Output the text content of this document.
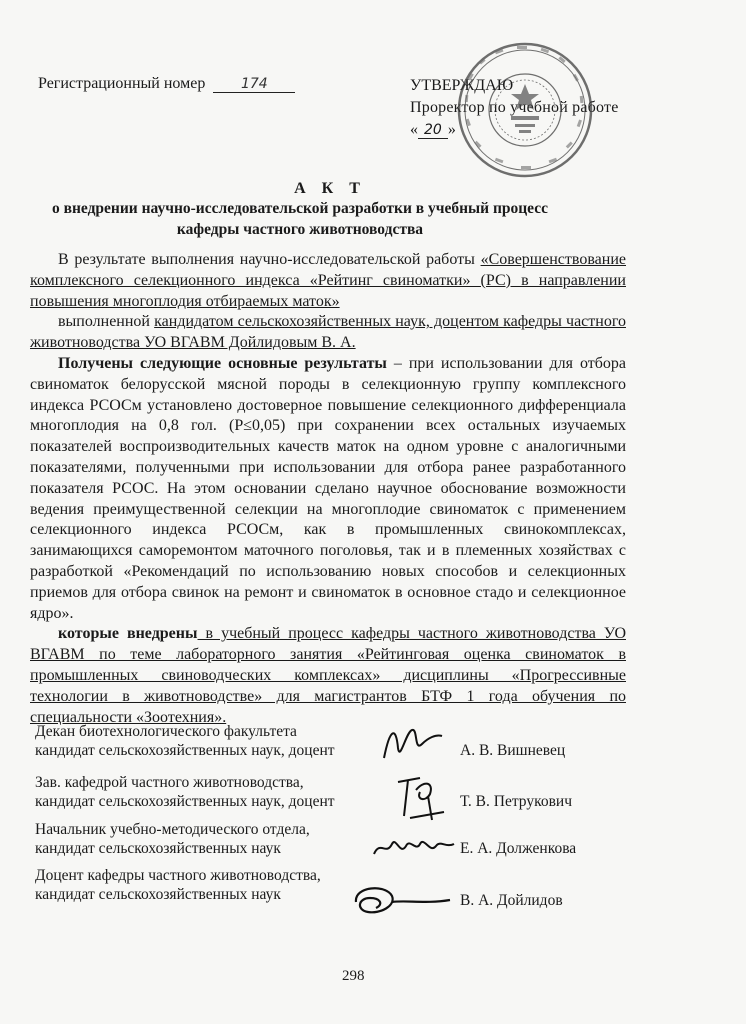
Регистрационный номер	174	УТВЕРЖДАЮ
Проректор по учебной работе
« 20 »
А К Т
о внедрении научно-исследовательской разработки в учебный процесс
кафедры частного животноводства

В результате выполнения научно-исследовательской работы «Совершенствование комплексного селекционного индекса «Рейтинг свиноматки» (РС) в направлении повышения многоплодия отбираемых маток»

выполненной кандидатом сельскохозяйственных наук, доцентом кафедры частного животноводства УО ВГАВМ Дойлидовым В. А.

Получены следующие основные результаты – при использовании для отбора свиноматок белорусской мясной породы в селекционную группу комплексного индекса РСОСм установлено достоверное повышение селекционного дифференциала многоплодия на 0,8 гол. (P≤0,05) при сохранении всех остальных изучаемых показателей воспроизводительных качеств маток на одном уровне с аналогичными показателями, полученными при использовании для отбора ранее разработанного показателя РСОС. На этом основании сделано научное обоснование возможности ведения преимущественной селекции на многоплодие свиноматок с применением селекционного индекса РСОСм, как в промышленных свинокомплексах, занимающихся саморемонтом маточного поголовья, так и в племенных хозяйствах с разработкой «Рекомендаций по использованию новых способов и селекционных приемов для отбора свинок на ремонт и свиноматок в основное стадо и селекционное ядро».

которые внедрены в учебный процесс кафедры частного животноводства УО ВГАВМ по теме лабораторного занятия «Рейтинговая оценка свиноматок в промышленных свиноводческих комплексах» дисциплины «Прогрессивные технологии в животноводстве» для магистрантов БТФ 1 года обучения по специальности «Зоотехния».

Декан биотехнологического факультета
кандидат сельскохозяйственных наук, доцент	А. В. Вишневец
Зав. кафедрой частного животноводства,
кандидат сельскохозяйственных наук, доцент	Т. В. Петрукович
Начальник учебно-методического отдела,
кандидат сельскохозяйственных наук	Е. А. Долженкова
Доцент кафедры частного животноводства,
кандидат сельскохозяйственных наук	В. А. Дойлидов
298
